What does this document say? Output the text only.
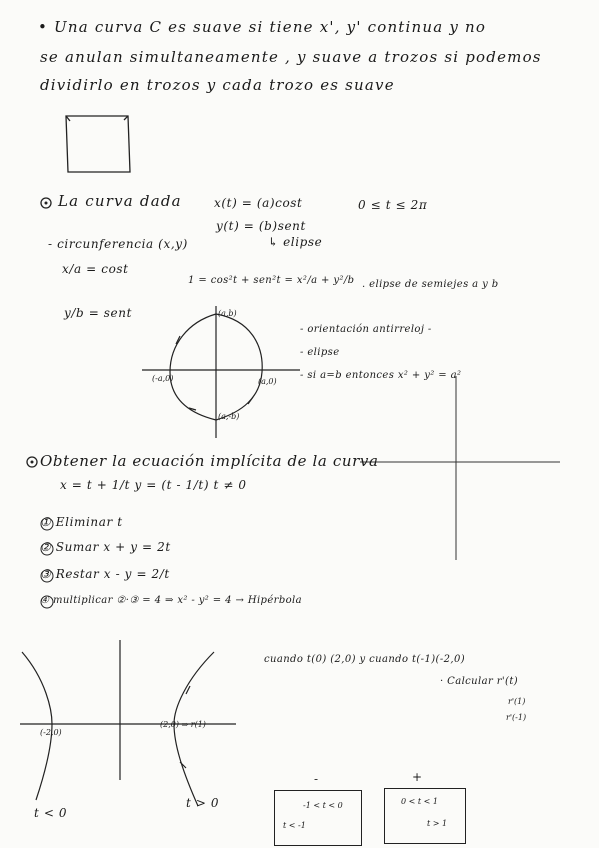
• Una curva C es suave si tiene x', y' continua y no
se anulan simultaneamente , y suave a trozos si podemos
dividirlo en trozos y cada trozo es suave
La curva dada	x(t) = (a)cost
y(t) = (b)sent
0 ≤ t ≤ 2π
- circunferencia (x,y)	↳ elipse
x/a = cost
1 = cos²t + sen²t = x²/a + y²/b . elipse de semiejes a y b
y/b = sent
- orientación antirreloj -
- elipse
- si a=b entonces x² + y² = a²
(a,b)
(-a,0)	(a,0)
(a,-b)
Obtener la ecuación implícita de la curva
x = t + 1/t y = (t - 1/t) t ≠ 0
① Eliminar t
② Sumar x + y = 2t
③ Restar x - y = 2/t
④ multiplicar ②·③ = 4 ⇒ x² - y² = 4 → Hipérbola
cuando t(0) (2,0) y cuando t(-1)(-2,0)
· Calcular r'(t)
r'(1)
r'(-1)
(-2,0)
(2,0) ⇒ r(1)
t < 0
t > 0
-	+
-1 < t < 0
t < -1
0 < t < 1
t > 1
